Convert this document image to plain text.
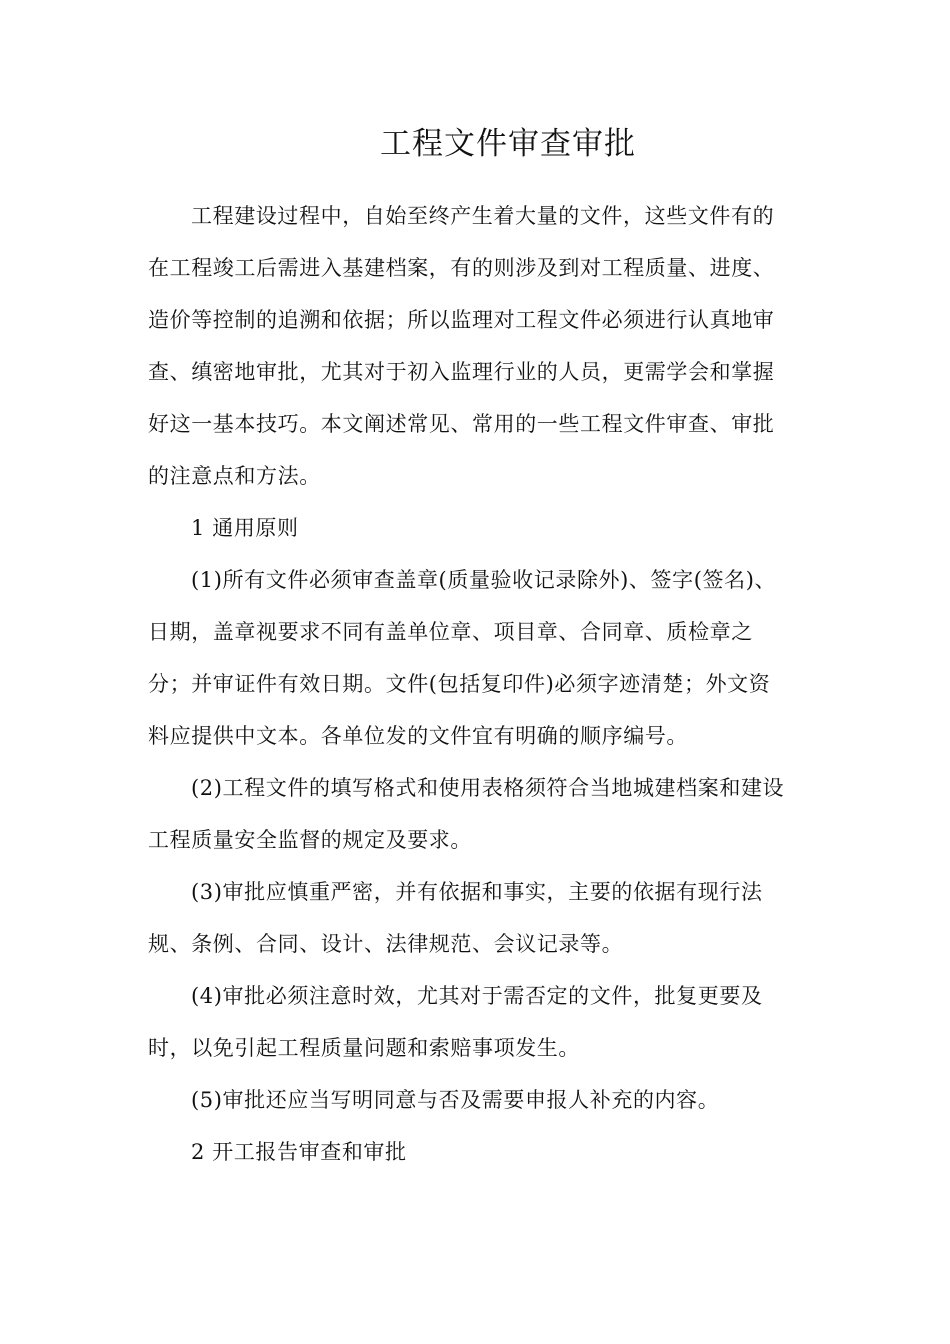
工程文件审查审批
工程建设过程中，自始至终产生着大量的文件，这些文件有的
在工程竣工后需进入基建档案，有的则涉及到对工程质量、进度、
造价等控制的追溯和依据；所以监理对工程文件必须进行认真地审
查、缜密地审批，尤其对于初入监理行业的人员，更需学会和掌握
好这一基本技巧。本文阐述常见、常用的一些工程文件审查、审批
的注意点和方法。
1 通用原则
(1)所有文件必须审查盖章(质量验收记录除外)、签字(签名)、
日期，盖章视要求不同有盖单位章、项目章、合同章、质检章之
分；并审证件有效日期。文件(包括复印件)必须字迹清楚；外文资
料应提供中文本。各单位发的文件宜有明确的顺序编号。
(2)工程文件的填写格式和使用表格须符合当地城建档案和建设
工程质量安全监督的规定及要求。
(3)审批应慎重严密，并有依据和事实，主要的依据有现行法
规、条例、合同、设计、法律规范、会议记录等。
(4)审批必须注意时效，尤其对于需否定的文件，批复更要及
时，以免引起工程质量问题和索赔事项发生。
(5)审批还应当写明同意与否及需要申报人补充的内容。
2 开工报告审查和审批
